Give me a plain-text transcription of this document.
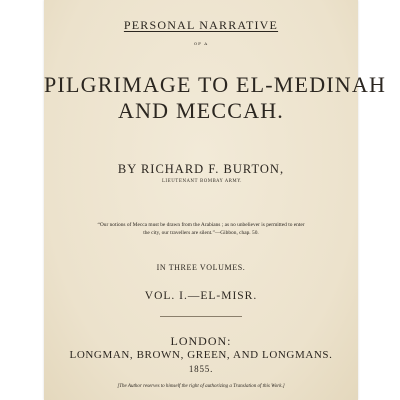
PERSONAL NARRATIVE
OF A
PILGRIMAGE TO EL-MEDINAH
AND MECCAH.
BY RICHARD F. BURTON,
LIEUTENANT BOMBAY ARMY.
“Our notions of Mecca must be drawn from the Arabians ; as no unbeliever is permitted to enter
the city, our travellers are silent.”—Gibbon, chap. 50.
IN THREE VOLUMES.
VOL. I.—EL-MISR.
LONDON:
LONGMAN, BROWN, GREEN, AND LONGMANS.
1855.
[The Author reserves to himself the right of authorizing a Translation of this Work.]
